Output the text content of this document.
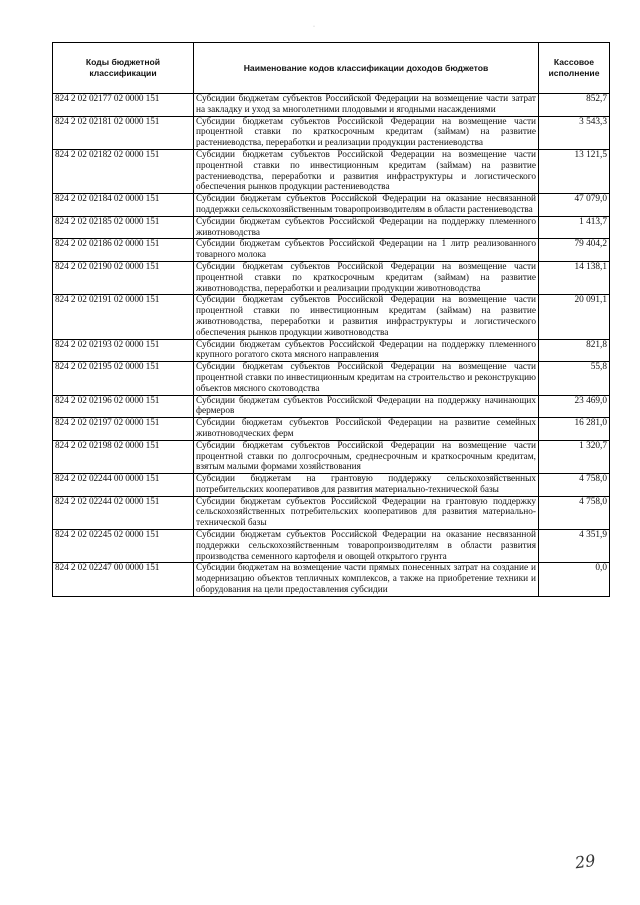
·
Коды бюджетной классификации	Наименование кодов классификации доходов бюджетов	Кассовое исполнение
824 2 02 02177 02 0000 151	Субсидии бюджетам субъектов Российской Федерации на возмещение части затрат на закладку и уход за многолетними плодовыми и ягодными насаждениями	852,7
824 2 02 02181 02 0000 151	Субсидии бюджетам субъектов Российской Федерации на возмещение части процентной ставки по краткосрочным кредитам (займам) на развитие растениеводства, переработки и реализации продукции растениеводства	3 543,3
824 2 02 02182 02 0000 151	Субсидии бюджетам субъектов Российской Федерации на возмещение части процентной ставки по инвестиционным кредитам (займам) на развитие растениеводства, переработки и развития инфраструктуры и логистического обеспечения рынков продукции растениеводства	13 121,5
824 2 02 02184 02 0000 151	Субсидии бюджетам субъектов Российской Федерации на оказание несвязанной поддержки сельскохозяйственным товаропроизводителям в области растениеводства	47 079,0
824 2 02 02185 02 0000 151	Субсидии бюджетам субъектов Российской Федерации на поддержку племенного животноводства	1 413,7
824 2 02 02186 02 0000 151	Субсидии бюджетам субъектов Российской Федерации на 1 литр реализованного товарного молока	79 404,2
824 2 02 02190 02 0000 151	Субсидии бюджетам субъектов Российской Федерации на возмещение части процентной ставки по краткосрочным кредитам (займам) на развитие животноводства, переработки и реализации продукции животноводства	14 138,1
824 2 02 02191 02 0000 151	Субсидии бюджетам субъектов Российской Федерации на возмещение части процентной ставки по инвестиционным кредитам (займам) на развитие животноводства, переработки и развития инфраструктуры и логистического обеспечения рынков продукции животноводства	20 091,1
824 2 02 02193 02 0000 151	Субсидии бюджетам субъектов Российской Федерации на поддержку племенного крупного рогатого скота мясного направления	821,8
824 2 02 02195 02 0000 151	Субсидии бюджетам субъектов Российской Федерации на возмещение части процентной ставки по инвестиционным кредитам на строительство и реконструкцию объектов мясного скотоводства	55,8
824 2 02 02196 02 0000 151	Субсидии бюджетам субъектов Российской Федерации на поддержку начинающих фермеров	23 469,0
824 2 02 02197 02 0000 151	Субсидии бюджетам субъектов Российской Федерации на развитие семейных животноводческих ферм	16 281,0
824 2 02 02198 02 0000 151	Субсидии бюджетам субъектов Российской Федерации на возмещение части процентной ставки по долгосрочным, среднесрочным и краткосрочным кредитам, взятым малыми формами хозяйствования	1 320,7
824 2 02 02244 00 0000 151	Субсидии бюджетам на грантовую поддержку сельскохозяйственных потребительских кооперативов для развития материально-технической базы	4 758,0
824 2 02 02244 02 0000 151	Субсидии бюджетам субъектов Российской Федерации на грантовую поддержку сельскохозяйственных потребительских кооперативов для развития материально-технической базы	4 758,0
824 2 02 02245 02 0000 151	Субсидии бюджетам субъектов Российской Федерации на оказание несвязанной поддержки сельскохозяйственным товаропроизводителям в области развития производства семенного картофеля и овощей открытого грунта	4 351,9
824 2 02 02247 00 0000 151	Субсидии бюджетам на возмещение части прямых понесенных затрат на создание и модернизацию объектов тепличных комплексов, а также на приобретение техники и оборудования на цели предоставления субсидии	0,0
29
